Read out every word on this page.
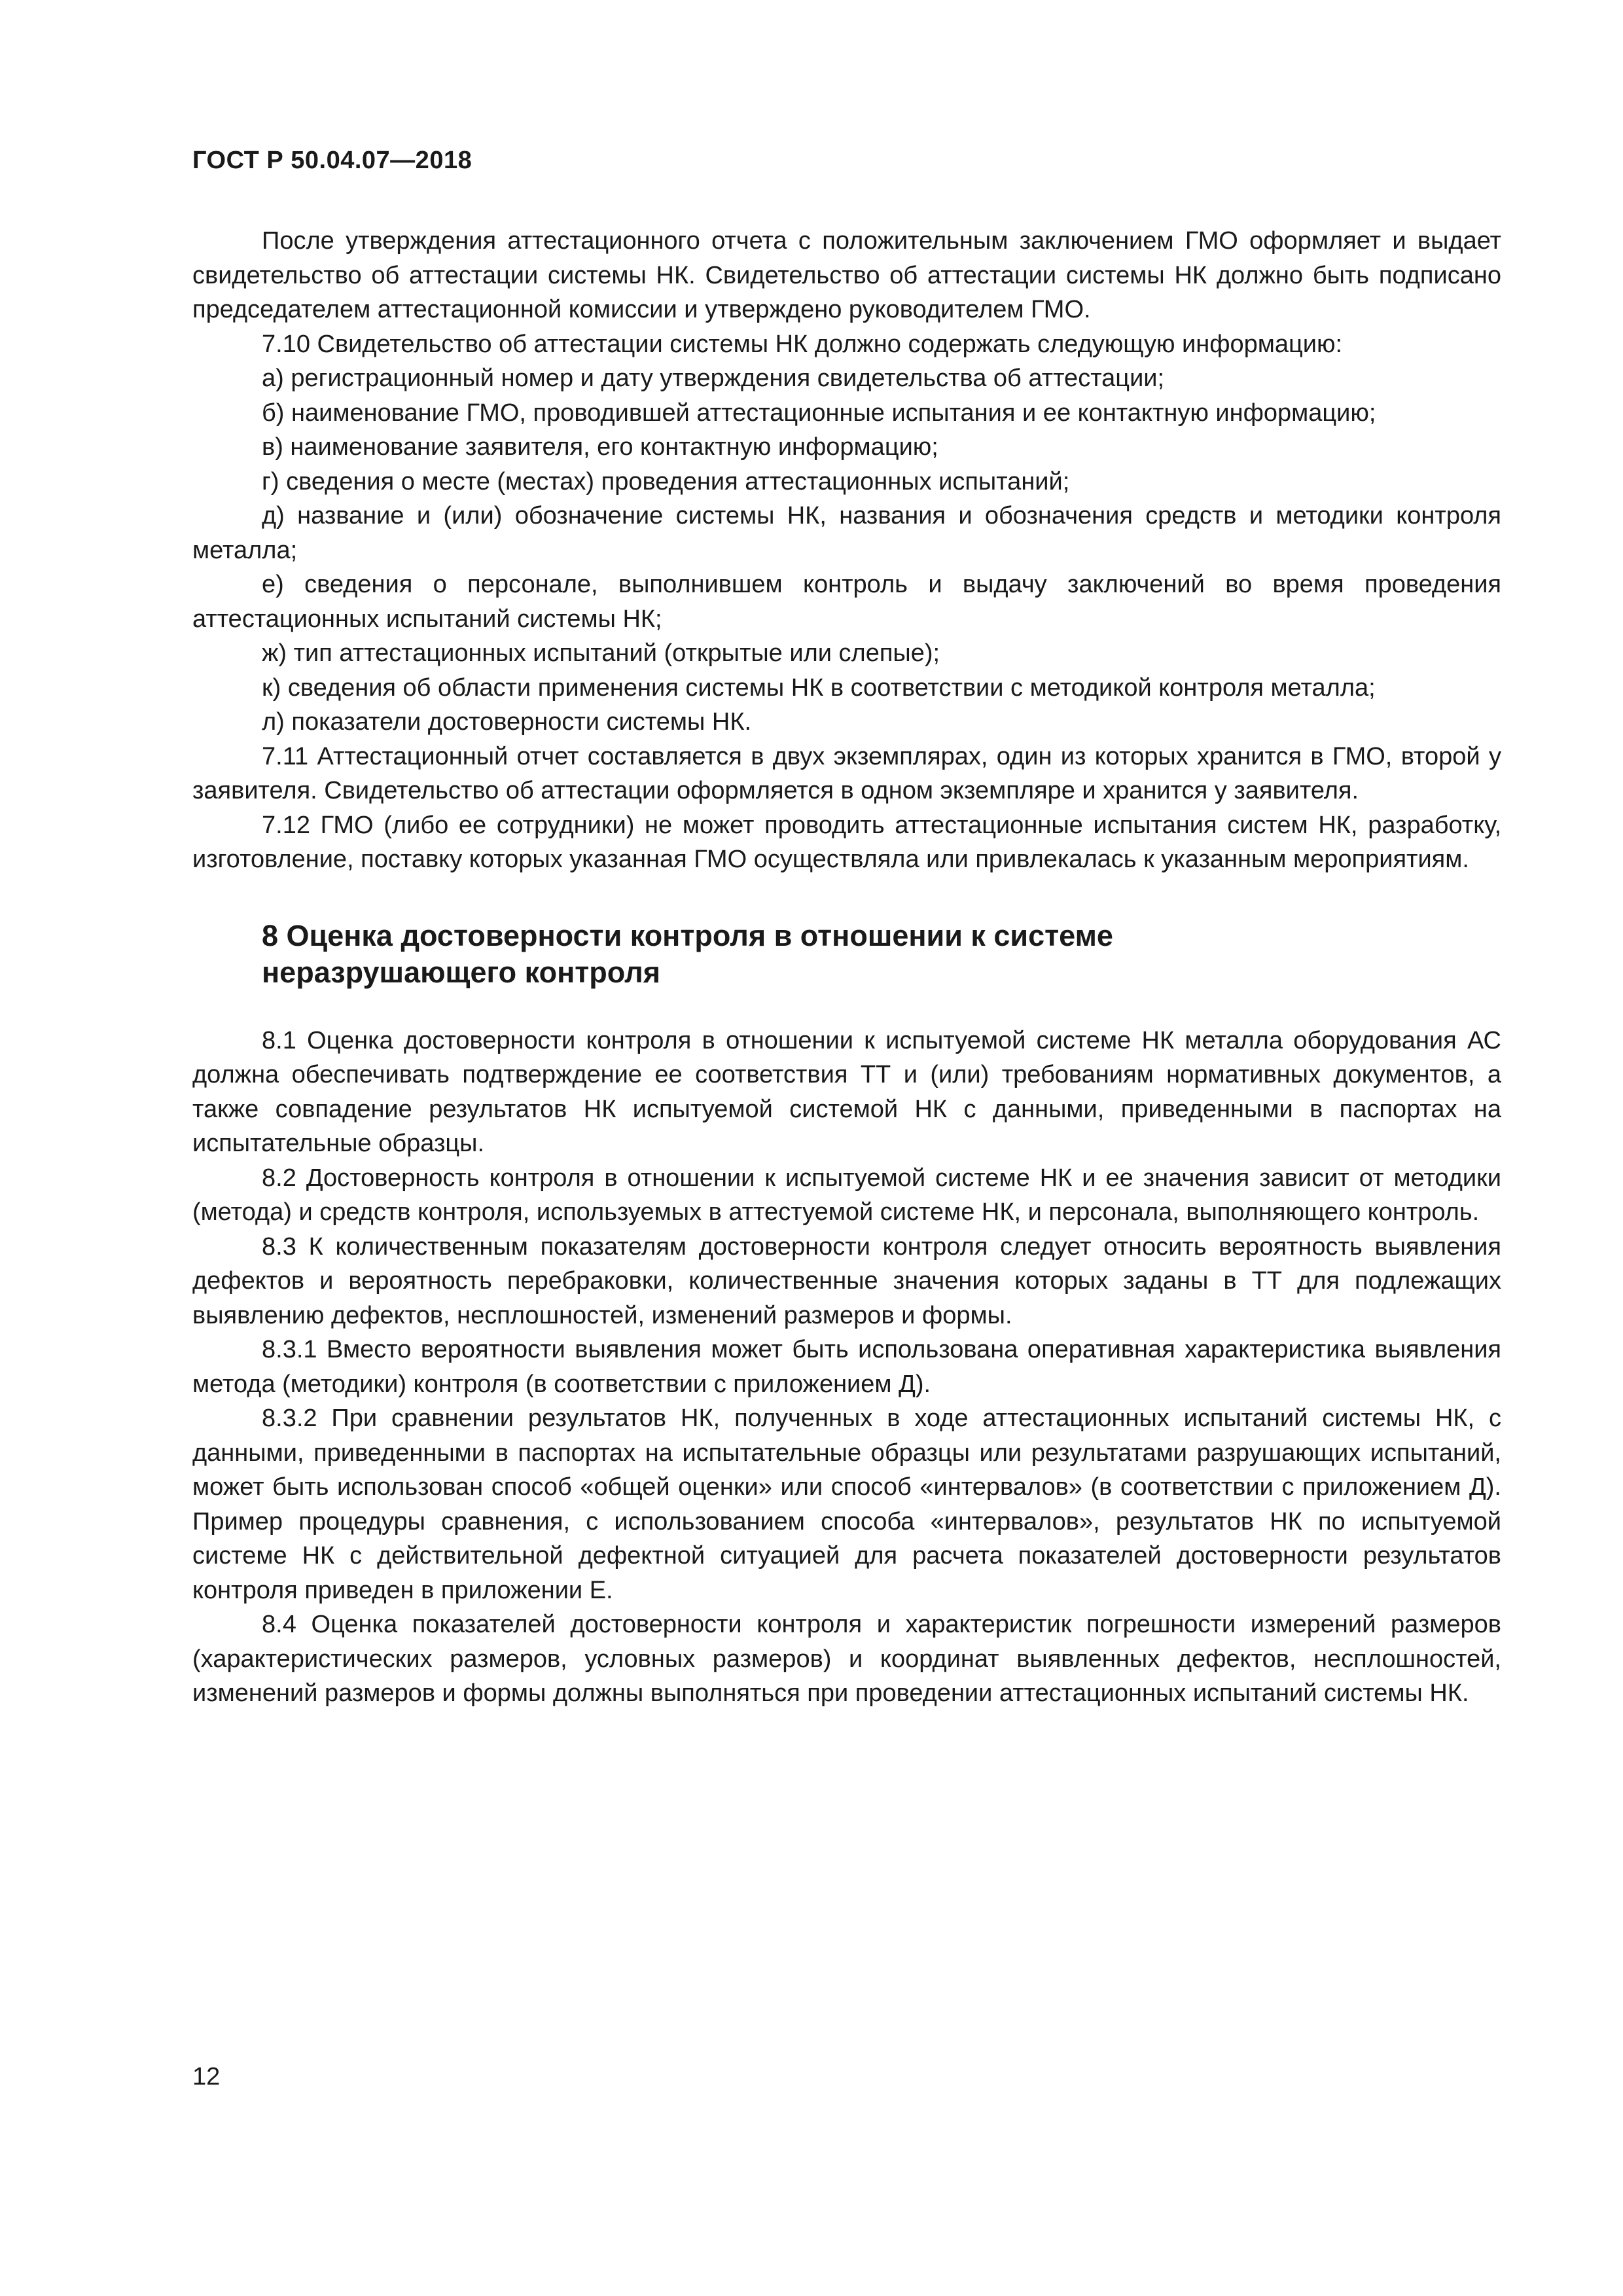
ГОСТ Р 50.04.07—2018

После утверждения аттестационного отчета с положительным заключением ГМО оформляет и выдает свидетельство об аттестации системы НК. Свидетельство об аттестации системы НК должно быть подписано председателем аттестационной комиссии и утверждено руководителем ГМО.

7.10 Свидетельство об аттестации системы НК должно содержать следующую информацию:

а) регистрационный номер и дату утверждения свидетельства об аттестации;

б) наименование ГМО, проводившей аттестационные испытания и ее контактную информацию;

в) наименование заявителя, его контактную информацию;

г) сведения о месте (местах) проведения аттестационных испытаний;

д) название и (или) обозначение системы НК, названия и обозначения средств и методики контроля металла;

е) сведения о персонале, выполнившем контроль и выдачу заключений во время проведения аттестационных испытаний системы НК;

ж) тип аттестационных испытаний (открытые или слепые);

к) сведения об области применения системы НК в соответствии с методикой контроля металла;

л) показатели достоверности системы НК.

7.11 Аттестационный отчет составляется в двух экземплярах, один из которых хранится в ГМО, второй у заявителя. Свидетельство об аттестации оформляется в одном экземпляре и хранится у заявителя.

7.12 ГМО (либо ее сотрудники) не может проводить аттестационные испытания систем НК, разработку, изготовление, поставку которых указанная ГМО осуществляла или привлекалась к указанным мероприятиям.

8 Оценка достоверности контроля в отношении к системе
неразрушающего контроля

8.1 Оценка достоверности контроля в отношении к испытуемой системе НК металла оборудования АС должна обеспечивать подтверждение ее соответствия ТТ и (или) требованиям нормативных документов, а также совпадение результатов НК испытуемой системой НК с данными, приведенными в паспортах на испытательные образцы.

8.2 Достоверность контроля в отношении к испытуемой системе НК и ее значения зависит от методики (метода) и средств контроля, используемых в аттестуемой системе НК, и персонала, выполняющего контроль.

8.3 К количественным показателям достоверности контроля следует относить вероятность выявления дефектов и вероятность перебраковки, количественные значения которых заданы в ТТ для подлежащих выявлению дефектов, несплошностей, изменений размеров и формы.

8.3.1 Вместо вероятности выявления может быть использована оперативная характеристика выявления метода (методики) контроля (в соответствии с приложением Д).

8.3.2 При сравнении результатов НК, полученных в ходе аттестационных испытаний системы НК, с данными, приведенными в паспортах на испытательные образцы или результатами разрушающих испытаний, может быть использован способ «общей оценки» или способ «интервалов» (в соответствии с приложением Д). Пример процедуры сравнения, с использованием способа «интервалов», результатов НК по испытуемой системе НК с действительной дефектной ситуацией для расчета показателей достоверности результатов контроля приведен в приложении Е.

8.4 Оценка показателей достоверности контроля и характеристик погрешности измерений размеров (характеристических размеров, условных размеров) и координат выявленных дефектов, несплошностей, изменений размеров и формы должны выполняться при проведении аттестационных испытаний системы НК.

12
